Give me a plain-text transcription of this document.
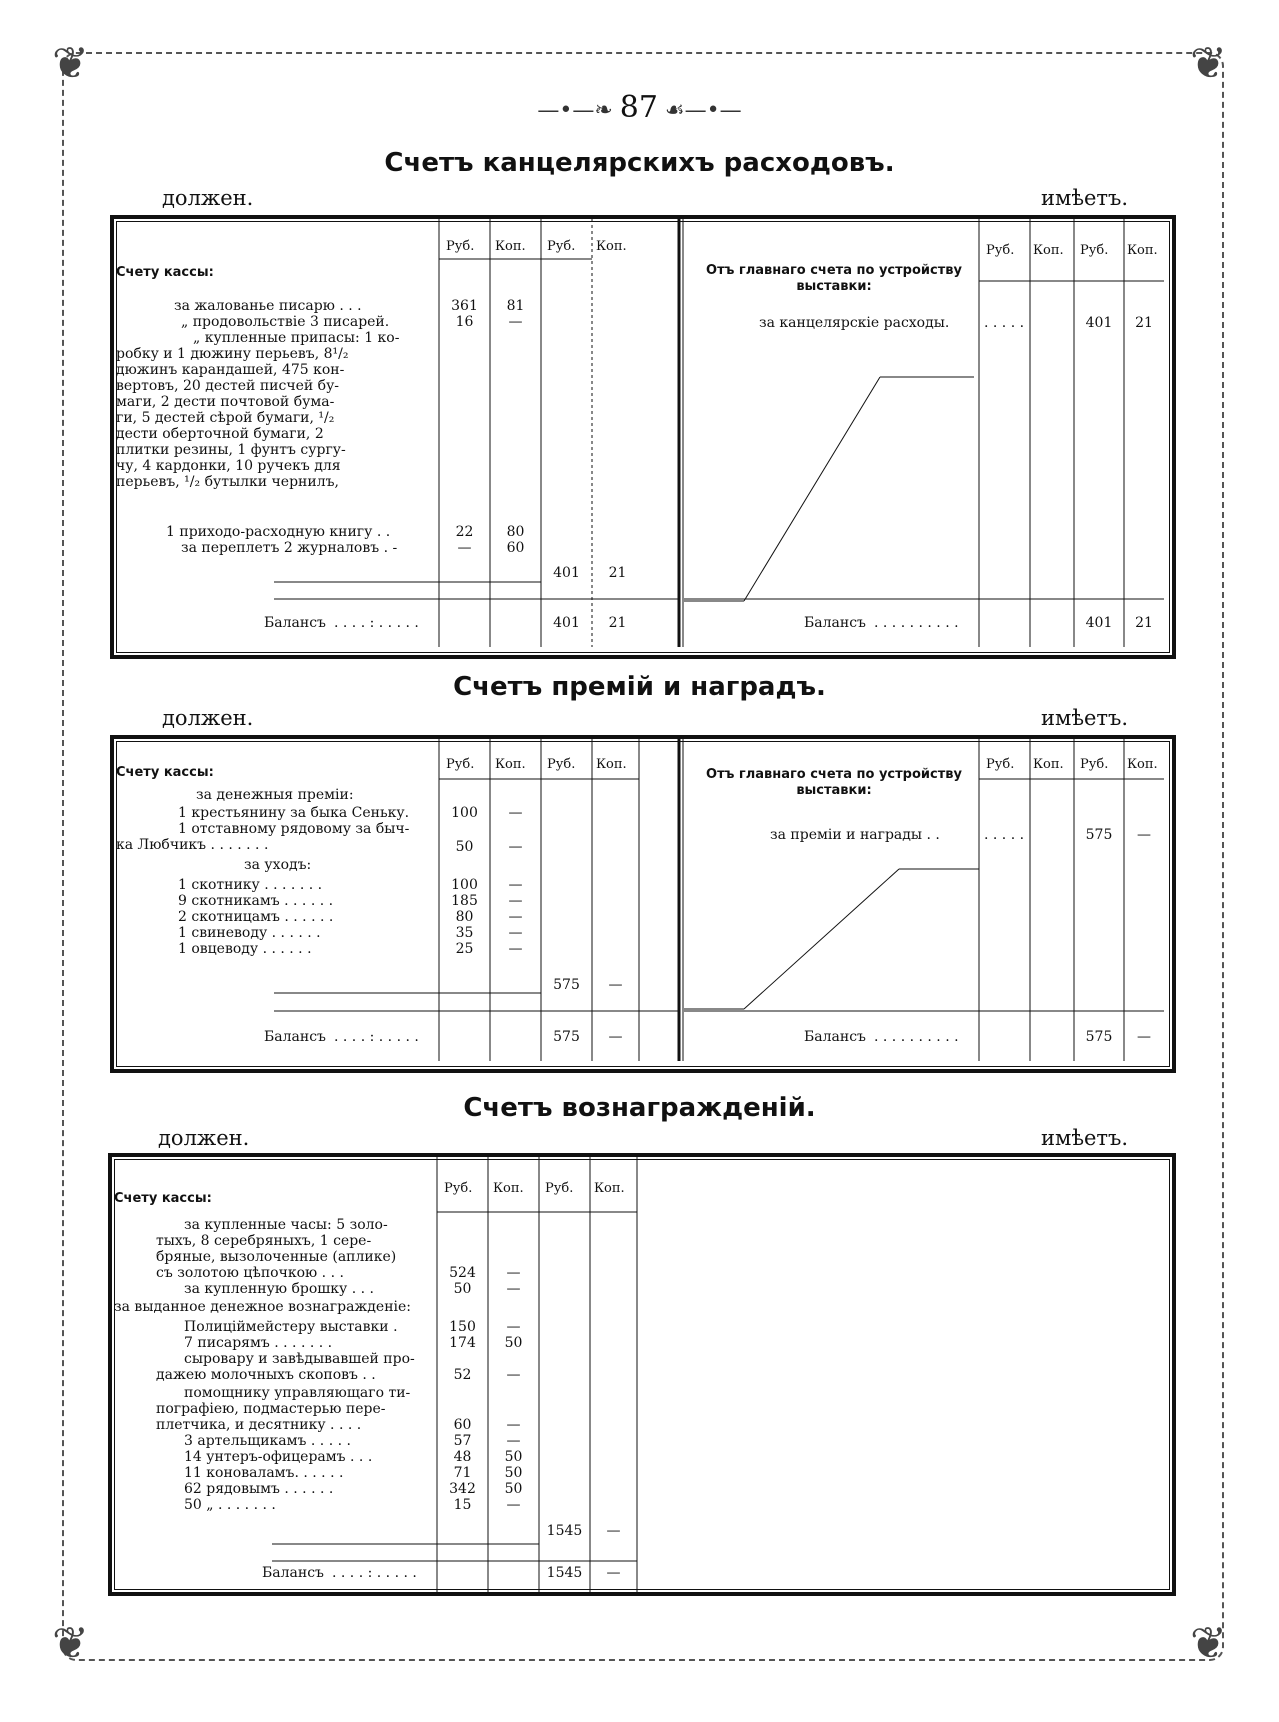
❦	❦
❦	❦
—•—❧ 87 ☙—•—
Счетъ канцелярскихъ расходовъ.
должен.	имѣетъ.
Руб. Коп. Руб. Коп.	Руб. Коп. Руб. Коп.
Счету кассы:
за жалованье писарю . . .	361	81
„ продовольствіе 3 писарей.	16	—
„ купленные припасы: 1 ко-
робку и 1 дюжину перьевъ, 8¹/₂
дюжинъ карандашей, 475 кон-
вертовъ, 20 дестей писчей бу-
маги, 2 дести почтовой бума-
ги, 5 дестей сѣрой бумаги, ¹/₂
дести оберточной бумаги, 2
плитки резины, 1 фунтъ сургу-
чу, 4 кардонки, 10 ручекъ для
перьевъ, ¹/₂ бутылки чернилъ,
1 приходо-расходную книгу . .	22	80
за переплетъ 2 журналовъ . -	—	60
401	21
Балансъ . . . . : . . . . .	401	21
Отъ главнаго счета по устройству выставки:
за канцелярскіе расходы. . . . . .	401	21
Балансъ . . . . . . . . . .	401	21
Счетъ премій и наградъ.
должен.	имѣетъ.
Руб. Коп. Руб. Коп.	Руб. Коп. Руб. Коп.
Счету кассы:
за денежныя преміи:
1 крестьянину за быка Сеньку.	100	—
1 отставному рядовому за быч-
ка Любчикъ . . . . . . .	50	—
за уходъ:
1 скотнику . . . . . . .	100	—
9 скотникамъ . . . . . .	185	—
2 скотницамъ . . . . . .	80	—
1 свиневоду . . . . . .	35	—
1 овцеводу . . . . . .	25	—
575	—
Балансъ . . . . : . . . . .	575	—
Отъ главнаго счета по устройству выставки:
за преміи и награды . .	. . . . .	575	—
Балансъ . . . . . . . . . .	575	—
Счетъ вознагражденій.
должен.	имѣетъ.
Руб. Коп. Руб. Коп.
Счету кассы:
за купленные часы: 5 золо-
тыхъ, 8 серебряныхъ, 1 сере-
бряные, вызолоченные (аплике)
съ золотою цѣпочкою . . .	524	—
за купленную брошку . . .	50	—
за выданное денежное вознагражденіе:
Полиціймейстеру выставки .	150	—
7 писарямъ . . . . . . .	174	50
сыровару и завѣдывавшей про-
дажею молочныхъ скоповъ . .	52	—
помощнику управляющаго ти-
пографіею, подмастерью пере-
плетчика, и десятнику . . . .	60	—
3 артельщикамъ . . . . .	57	—
14 унтеръ-офицерамъ . . .	48	50
11 коноваламъ. . . . . .	71	50
62 рядовымъ . . . . . .	342	50
50 „ . . . . . . .	15	—
1545	—
Балансъ . . . . : . . . . .	1545	—
